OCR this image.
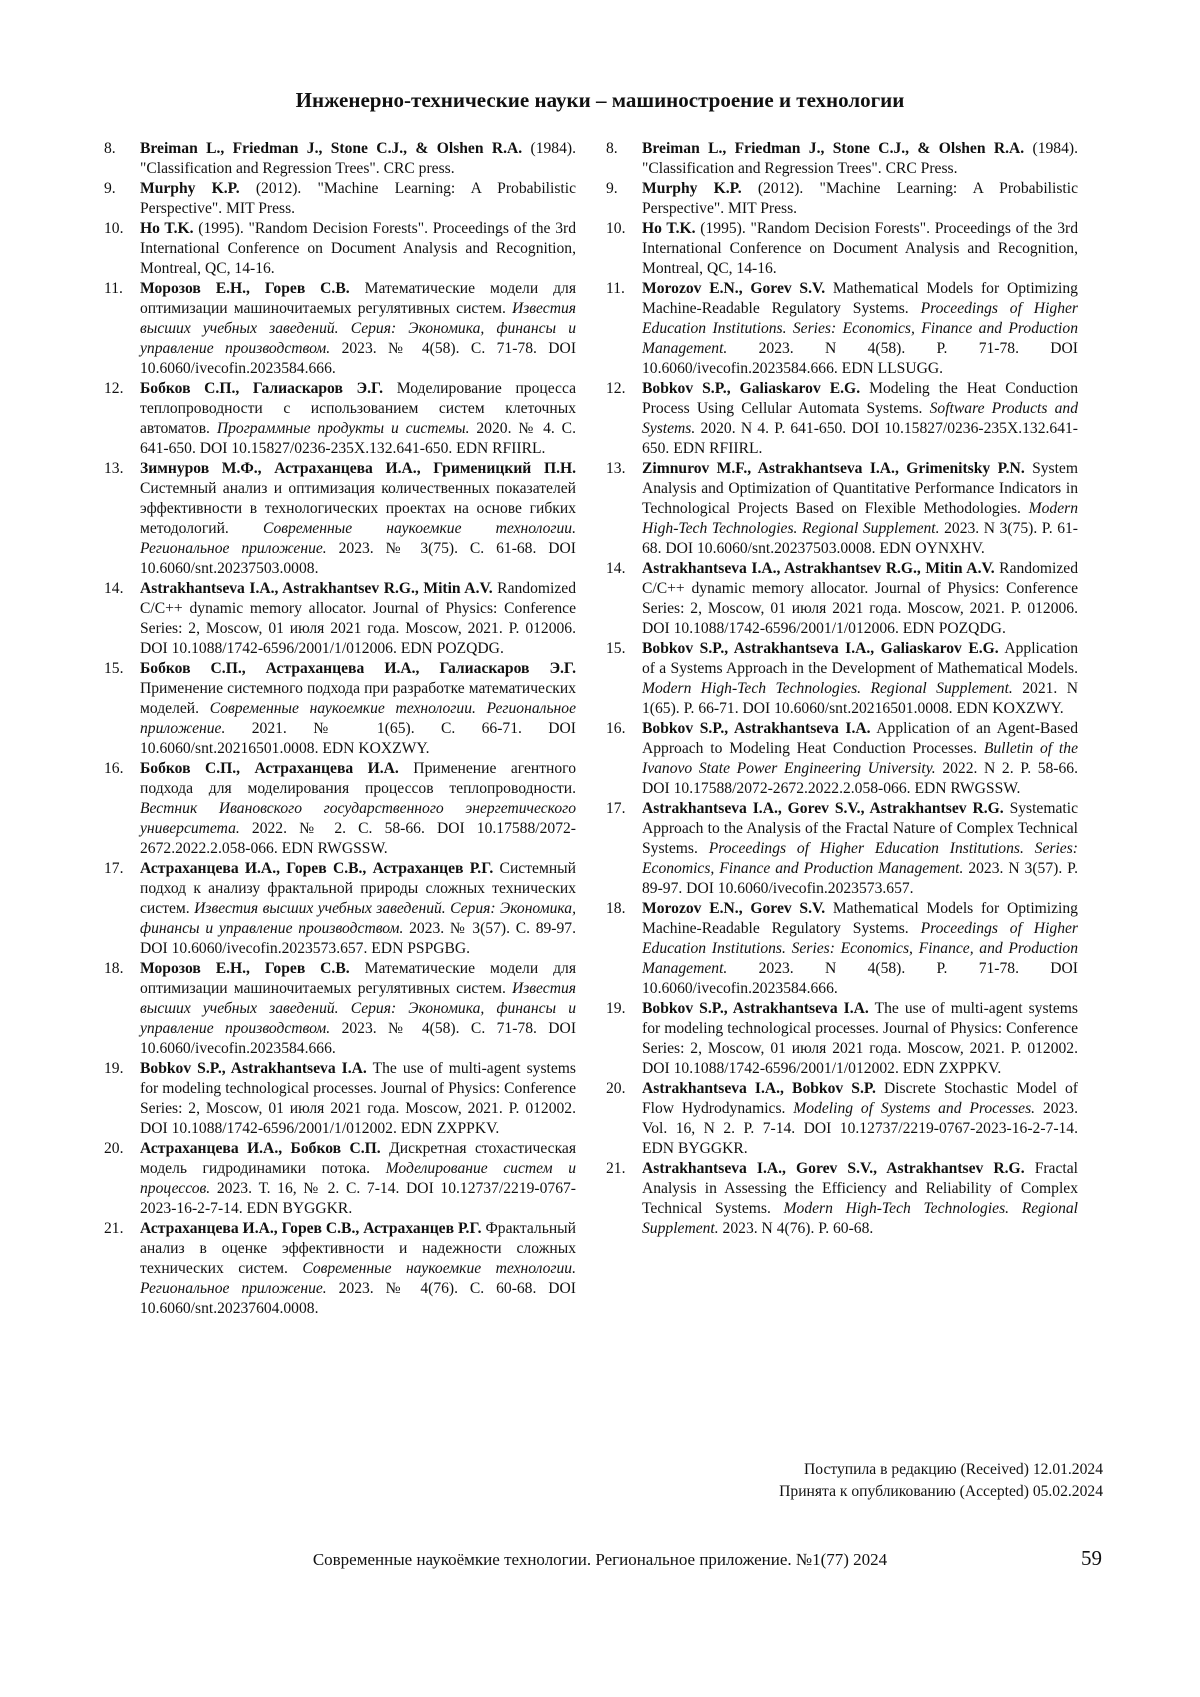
Инженерно-технические науки – машиностроение и технологии

8. Breiman L., Friedman J., Stone C.J., & Olshen R.A. (1984). "Classification and Regression Trees". CRC press.

9. Murphy K.P. (2012). "Machine Learning: A Probabilistic Perspective". MIT Press.

10. Ho T.K. (1995). "Random Decision Forests". Proceedings of the 3rd International Conference on Document Analysis and Recognition, Montreal, QC, 14-16.

11. Морозов Е.Н., Горев С.В. Математические модели для оптимизации машиночитаемых регулятивных систем. Известия высших учебных заведений. Серия: Экономика, финансы и управление производством. 2023. № 4(58). С. 71-78. DOI 10.6060/ivecofin.2023584.666.

12. Бобков С.П., Галиаскаров Э.Г. Моделирование процесса теплопроводности с использованием систем клеточных автоматов. Программные продукты и системы. 2020. № 4. С. 641-650. DOI 10.15827/0236-235X.132.641-650. EDN RFIIRL.

13. Зимнуров М.Ф., Астраханцева И.А., Грименицкий П.Н. Системный анализ и оптимизация количественных показателей эффективности в технологических проектах на основе гибких методологий. Современные наукоемкие технологии. Региональное приложение. 2023. № 3(75). С. 61-68. DOI 10.6060/snt.20237503.0008.

14. Astrakhantseva I.A., Astrakhantsev R.G., Mitin A.V. Randomized C/C++ dynamic memory allocator. Journal of Physics: Conference Series: 2, Moscow, 01 июля 2021 года. Moscow, 2021. P. 012006. DOI 10.1088/1742-6596/2001/1/012006. EDN POZQDG.

15. Бобков С.П., Астраханцева И.А., Галиаскаров Э.Г. Применение системного подхода при разработке математических моделей. Современные наукоемкие технологии. Региональное приложение. 2021. № 1(65). С. 66-71. DOI 10.6060/snt.20216501.0008. EDN KOXZWY.

16. Бобков С.П., Астраханцева И.А. Применение агентного подхода для моделирования процессов теплопроводности. Вестник Ивановского государственного энергетического университета. 2022. № 2. С. 58-66. DOI 10.17588/2072-2672.2022.2.058-066. EDN RWGSSW.

17. Астраханцева И.А., Горев С.В., Астраханцев Р.Г. Системный подход к анализу фрактальной природы сложных технических систем. Известия высших учебных заведений. Серия: Экономика, финансы и управление производством. 2023. № 3(57). С. 89-97. DOI 10.6060/ivecofin.2023573.657. EDN PSPGBG.

18. Морозов Е.Н., Горев С.В. Математические модели для оптимизации машиночитаемых регулятивных систем. Известия высших учебных заведений. Серия: Экономика, финансы и управление производством. 2023. № 4(58). С. 71-78. DOI 10.6060/ivecofin.2023584.666.

19. Bobkov S.P., Astrakhantseva I.A. The use of multi-agent systems for modeling technological processes. Journal of Physics: Conference Series: 2, Moscow, 01 июля 2021 года. Moscow, 2021. P. 012002. DOI 10.1088/1742-6596/2001/1/012002. EDN ZXPPKV.

20. Астраханцева И.А., Бобков С.П. Дискретная стохастическая модель гидродинамики потока. Моделирование систем и процессов. 2023. Т. 16, № 2. С. 7-14. DOI 10.12737/2219-0767-2023-16-2-7-14. EDN BYGGKR.

21. Астраханцева И.А., Горев С.В., Астраханцев Р.Г. Фрактальный анализ в оценке эффективности и надежности сложных технических систем. Современные наукоемкие технологии. Региональное приложение. 2023. № 4(76). С. 60-68. DOI 10.6060/snt.20237604.0008.

8. Breiman L., Friedman J., Stone C.J., & Olshen R.A. (1984). "Classification and Regression Trees". CRC Press.

9. Murphy K.P. (2012). "Machine Learning: A Probabilistic Perspective". MIT Press.

10. Ho T.K. (1995). "Random Decision Forests". Proceedings of the 3rd International Conference on Document Analysis and Recognition, Montreal, QC, 14-16.

11. Morozov E.N., Gorev S.V. Mathematical Models for Optimizing Machine-Readable Regulatory Systems. Proceedings of Higher Education Institutions. Series: Economics, Finance and Production Management. 2023. N 4(58). P. 71-78. DOI 10.6060/ivecofin.2023584.666. EDN LLSUGG.

12. Bobkov S.P., Galiaskarov E.G. Modeling the Heat Conduction Process Using Cellular Automata Systems. Software Products and Systems. 2020. N 4. P. 641-650. DOI 10.15827/0236-235X.132.641-650. EDN RFIIRL.

13. Zimnurov M.F., Astrakhantseva I.A., Grimenitsky P.N. System Analysis and Optimization of Quantitative Performance Indicators in Technological Projects Based on Flexible Methodologies. Modern High-Tech Technologies. Regional Supplement. 2023. N 3(75). P. 61-68. DOI 10.6060/snt.20237503.0008. EDN OYNXHV.

14. Astrakhantseva I.A., Astrakhantsev R.G., Mitin A.V. Randomized C/C++ dynamic memory allocator. Journal of Physics: Conference Series: 2, Moscow, 01 июля 2021 года. Moscow, 2021. P. 012006. DOI 10.1088/1742-6596/2001/1/012006. EDN POZQDG.

15. Bobkov S.P., Astrakhantseva I.A., Galiaskarov E.G. Application of a Systems Approach in the Development of Mathematical Models. Modern High-Tech Technologies. Regional Supplement. 2021. N 1(65). P. 66-71. DOI 10.6060/snt.20216501.0008. EDN KOXZWY.

16. Bobkov S.P., Astrakhantseva I.A. Application of an Agent-Based Approach to Modeling Heat Conduction Processes. Bulletin of the Ivanovo State Power Engineering University. 2022. N 2. P. 58-66. DOI 10.17588/2072-2672.2022.2.058-066. EDN RWGSSW.

17. Astrakhantseva I.A., Gorev S.V., Astrakhantsev R.G. Systematic Approach to the Analysis of the Fractal Nature of Complex Technical Systems. Proceedings of Higher Education Institutions. Series: Economics, Finance and Production Management. 2023. N 3(57). P. 89-97. DOI 10.6060/ivecofin.2023573.657.

18. Morozov E.N., Gorev S.V. Mathematical Models for Optimizing Machine-Readable Regulatory Systems. Proceedings of Higher Education Institutions. Series: Economics, Finance, and Production Management. 2023. N 4(58). P. 71-78. DOI 10.6060/ivecofin.2023584.666.

19. Bobkov S.P., Astrakhantseva I.A. The use of multi-agent systems for modeling technological processes. Journal of Physics: Conference Series: 2, Moscow, 01 июля 2021 года. Moscow, 2021. P. 012002. DOI 10.1088/1742-6596/2001/1/012002. EDN ZXPPKV.

20. Astrakhantseva I.A., Bobkov S.P. Discrete Stochastic Model of Flow Hydrodynamics. Modeling of Systems and Processes. 2023. Vol. 16, N 2. P. 7-14. DOI 10.12737/2219-0767-2023-16-2-7-14. EDN BYGGKR.

21. Astrakhantseva I.A., Gorev S.V., Astrakhantsev R.G. Fractal Analysis in Assessing the Efficiency and Reliability of Complex Technical Systems. Modern High-Tech Technologies. Regional Supplement. 2023. N 4(76). P. 60-68.

Поступила в редакцию (Received) 12.01.2024
Принята к опубликованию (Accepted) 05.02.2024
Современные наукоёмкие технологии. Региональное приложение. №1(77) 2024	59
